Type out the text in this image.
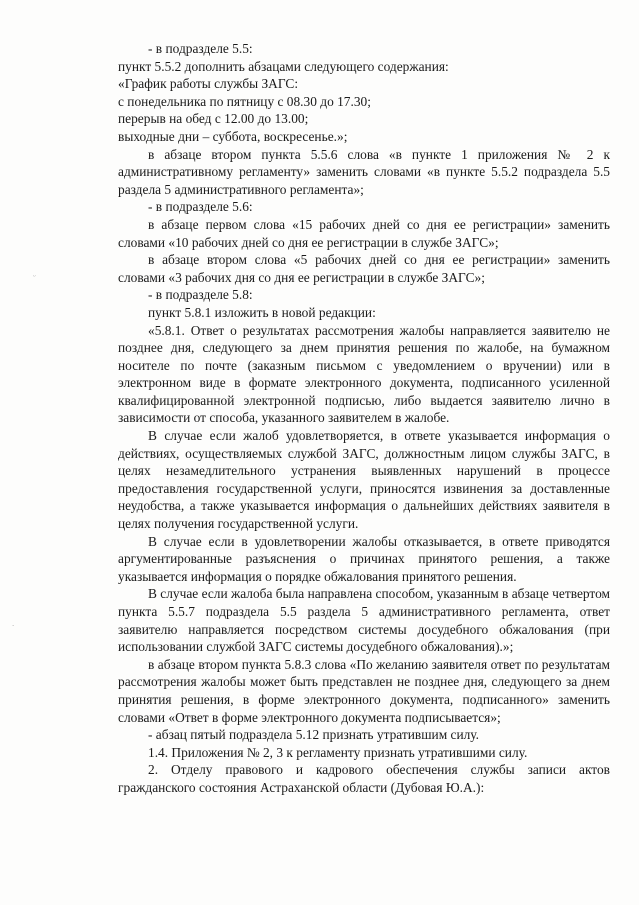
ᵕ
·

- в подразделе 5.5:

пункт 5.5.2 дополнить абзацами следующего содержания:

«График работы службы ЗАГС:

с понедельника по пятницу с 08.30 до 17.30;

перерыв на обед с 12.00 до 13.00;

выходные дни – суббота, воскресенье.»;

в абзаце втором пункта 5.5.6 слова «в пункте 1 приложения № 2 к административному регламенту» заменить словами «в пункте 5.5.2 подраздела 5.5 раздела 5 административного регламента»;

- в подразделе 5.6:

в абзаце первом слова «15 рабочих дней со дня ее регистрации» заменить словами «10 рабочих дней со дня ее регистрации в службе ЗАГС»;

в абзаце втором слова «5 рабочих дней со дня ее регистрации» заменить словами «3 рабочих дня со дня ее регистрации в службе ЗАГС»;

- в подразделе 5.8:

пункт 5.8.1 изложить в новой редакции:

«5.8.1. Ответ о результатах рассмотрения жалобы направляется заявителю не позднее дня, следующего за днем принятия решения по жалобе, на бумажном носителе по почте (заказным письмом с уведомлением о вручении) или в электронном виде в формате электронного документа, подписанного усиленной квалифицированной электронной подписью, либо выдается заявителю лично в зависимости от способа, указанного заявителем в жалобе.

В случае если жалоб удовлетворяется, в ответе указывается информация о действиях, осуществляемых службой ЗАГС, должностным лицом службы ЗАГС, в целях незамедлительного устранения выявленных нарушений в процессе предоставления государственной услуги, приносятся извинения за доставленные неудобства, а также указывается информация о дальнейших действиях заявителя в целях получения государственной услуги.

В случае если в удовлетворении жалобы отказывается, в ответе приводятся аргументированные разъяснения о причинах принятого решения, а также указывается информация о порядке обжалования принятого решения.

В случае если жалоба была направлена способом, указанным в абзаце четвертом пункта 5.5.7 подраздела 5.5 раздела 5 административного регламента, ответ заявителю направляется посредством системы досудебного обжалования (при использовании службой ЗАГС системы досудебного обжалования).»;

в абзаце втором пункта 5.8.3 слова «По желанию заявителя ответ по результатам рассмотрения жалобы может быть представлен не позднее дня, следующего за днем принятия решения, в форме электронного документа, подписанного» заменить словами «Ответ в форме электронного документа подписывается»;

- абзац пятый подраздела 5.12 признать утратившим силу.

1.4. Приложения № 2, 3 к регламенту признать утратившими силу.

2. Отделу правового и кадрового обеспечения службы записи актов гражданского состояния Астраханской области (Дубовая Ю.А.):
